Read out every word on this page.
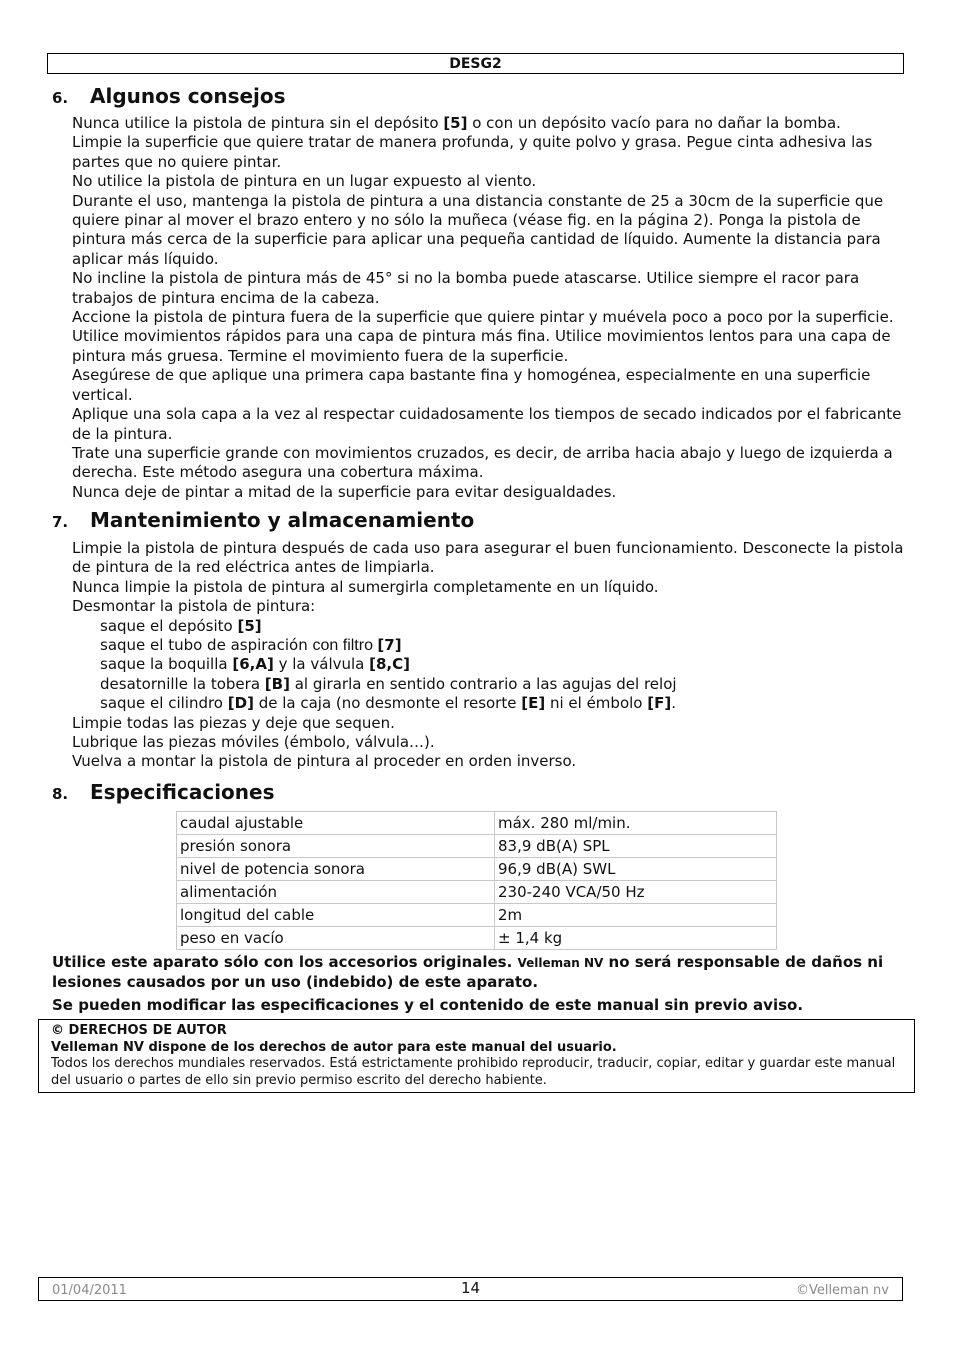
DESG2
6. Algunos consejos

Nunca utilice la pistola de pintura sin el depósito [5] o con un depósito vacío para no dañar la bomba.

Limpie la superficie que quiere tratar de manera profunda, y quite polvo y grasa. Pegue cinta adhesiva las partes que no quiere pintar.

No utilice la pistola de pintura en un lugar expuesto al viento.

Durante el uso, mantenga la pistola de pintura a una distancia constante de 25 a 30cm de la superficie que quiere pinar al mover el brazo entero y no sólo la muñeca (véase fig. en la página 2). Ponga la pistola de pintura más cerca de la superficie para aplicar una pequeña cantidad de líquido. Aumente la distancia para aplicar más líquido.

No incline la pistola de pintura más de 45° si no la bomba puede atascarse. Utilice siempre el racor para trabajos de pintura encima de la cabeza.

Accione la pistola de pintura fuera de la superficie que quiere pintar y muévela poco a poco por la superficie. Utilice movimientos rápidos para una capa de pintura más fina. Utilice movimientos lentos para una capa de pintura más gruesa. Termine el movimiento fuera de la superficie.

Asegúrese de que aplique una primera capa bastante fina y homogénea, especialmente en una superficie vertical.

Aplique una sola capa a la vez al respectar cuidadosamente los tiempos de secado indicados por el fabricante de la pintura.

Trate una superficie grande con movimientos cruzados, es decir, de arriba hacia abajo y luego de izquierda a derecha. Este método asegura una cobertura máxima.

Nunca deje de pintar a mitad de la superficie para evitar desigualdades.

7. Mantenimiento y almacenamiento

Limpie la pistola de pintura después de cada uso para asegurar el buen funcionamiento. Desconecte la pistola de pintura de la red eléctrica antes de limpiarla.

Nunca limpie la pistola de pintura al sumergirla completamente en un líquido.

Desmontar la pistola de pintura:

saque el depósito [5]

saque el tubo de aspiración con filtro [7]

saque la boquilla [6,A] y la válvula [8,C]

desatornille la tobera [B] al girarla en sentido contrario a las agujas del reloj

saque el cilindro [D] de la caja (no desmonte el resorte [E] ni el émbolo [F].

Limpie todas las piezas y deje que sequen.

Lubrique las piezas móviles (émbolo, válvula…).

Vuelva a montar la pistola de pintura al proceder en orden inverso.

8. Especificaciones
caudal ajustable	máx. 280 ml/min.
presión sonora	83,9 dB(A) SPL
nivel de potencia sonora	96,9 dB(A) SWL
alimentación	230-240 VCA/50 Hz
longitud del cable	2m
peso en vacío	± 1,4 kg
Utilice este aparato sólo con los accesorios originales. Velleman NV no será responsable de daños ni lesiones causados por un uso (indebido) de este aparato.
Se pueden modificar las especificaciones y el contenido de este manual sin previo aviso.
© DERECHOS DE AUTOR
Velleman NV dispone de los derechos de autor para este manual del usuario.
Todos los derechos mundiales reservados. Está estrictamente prohibido reproducir, traducir, copiar, editar y guardar este manual del usuario o partes de ello sin previo permiso escrito del derecho habiente.
01/04/2011	14	©Velleman nv
